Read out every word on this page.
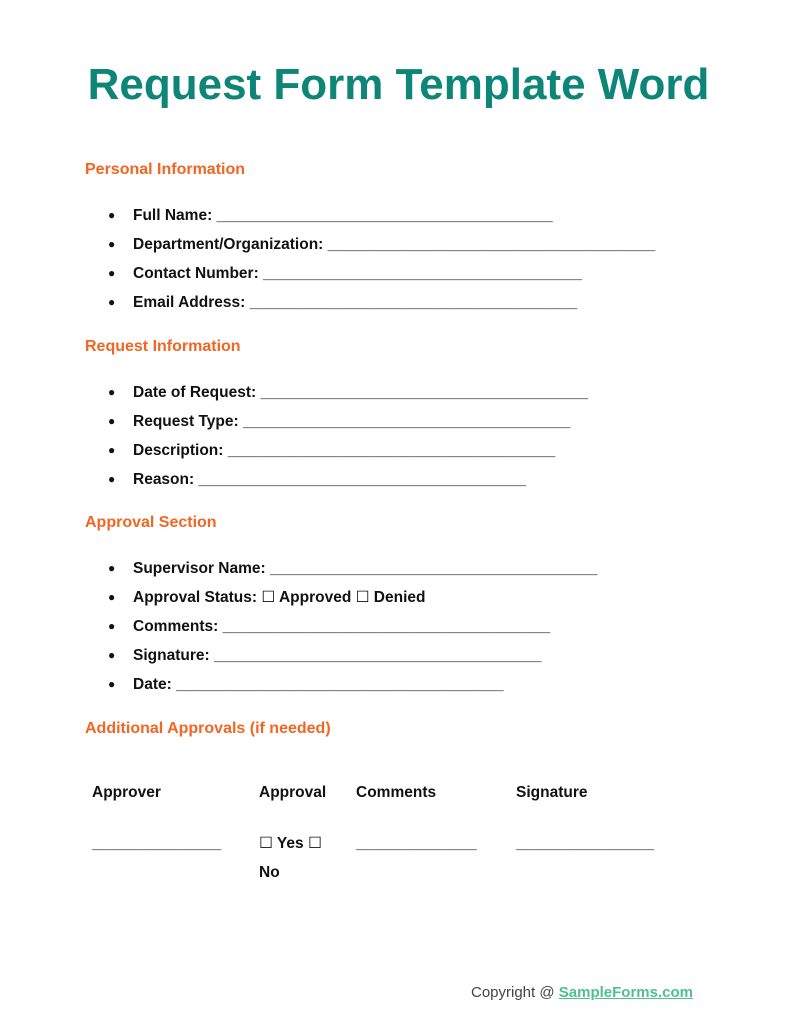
Request Form Template Word
Personal Information
● Full Name: _______________________________________
● Department/Organization: ______________________________________
● Contact Number: _____________________________________
● Email Address: ______________________________________
Request Information
● Date of Request: ______________________________________
● Request Type: ______________________________________
● Description: ______________________________________
● Reason: ______________________________________
Approval Section
● Supervisor Name: ______________________________________
● Approval Status: ☐ Approved ☐ Denied
● Comments: ______________________________________
● Signature: ______________________________________
● Date: ______________________________________
Additional Approvals (if needed)
Approver
_______________
Approval
☐ Yes ☐
No
Comments
______________
Signature
________________
Copyright @ SampleForms.com
